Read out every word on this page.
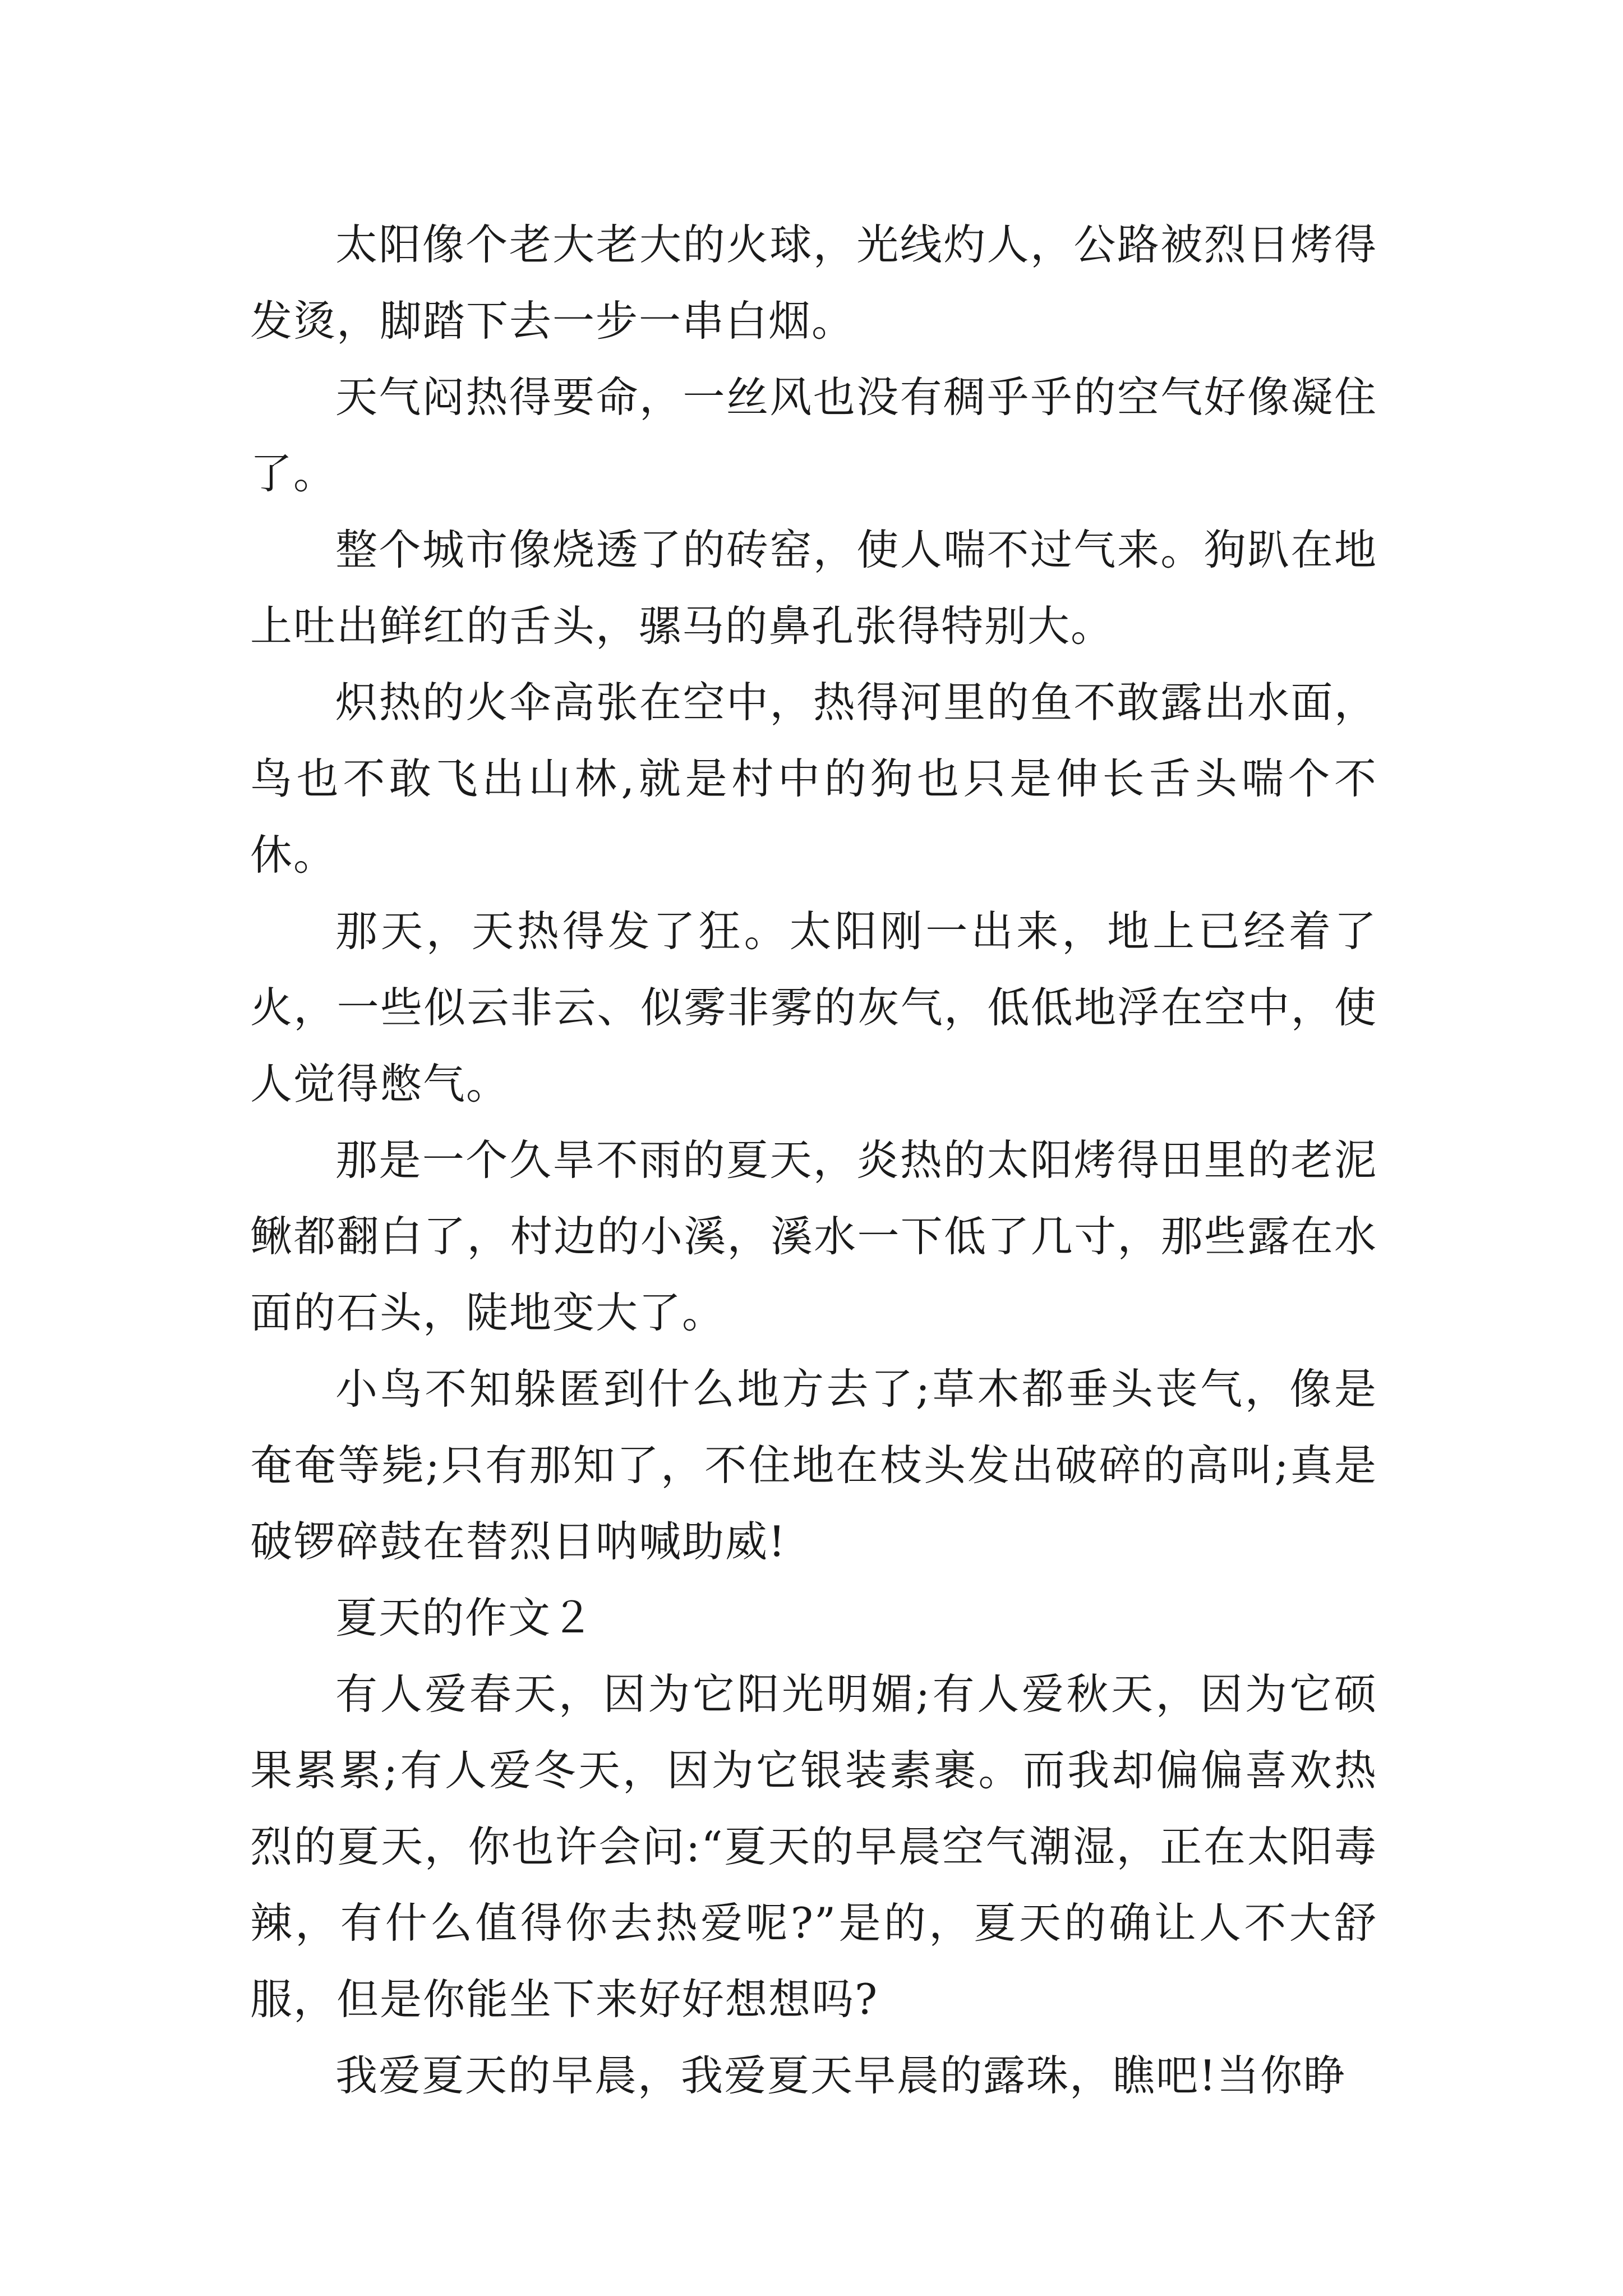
太阳像个老大老大的火球，光线灼人，公路被烈日烤得发烫，脚踏下去一步一串白烟。

天气闷热得要命，一丝风也没有稠乎乎的空气好像凝住了。

整个城市像烧透了的砖窑，使人喘不过气来。狗趴在地上吐出鲜红的舌头，骡马的鼻孔张得特别大。

炽热的火伞高张在空中，热得河里的鱼不敢露出水面，鸟也不敢飞出山林,就是村中的狗也只是伸长舌头喘个不休。

那天，天热得发了狂。太阳刚一出来，地上已经着了火，一些似云非云、似雾非雾的灰气，低低地浮在空中，使人觉得憋气。

那是一个久旱不雨的夏天，炎热的太阳烤得田里的老泥鳅都翻白了，村边的小溪，溪水一下低了几寸，那些露在水面的石头，陡地变大了。

小鸟不知躲匿到什么地方去了;草木都垂头丧气，像是奄奄等毙;只有那知了，不住地在枝头发出破碎的高叫;真是破锣碎鼓在替烈日呐喊助威!

夏天的作文２

有人爱春天，因为它阳光明媚;有人爱秋天，因为它硕果累累;有人爱冬天，因为它银装素裹。而我却偏偏喜欢热烈的夏天，你也许会问:“夏天的早晨空气潮湿，正在太阳毒辣，有什么值得你去热爱呢?”是的，夏天的确让人不大舒服，但是你能坐下来好好想想吗?

我爱夏天的早晨，我爱夏天早晨的露珠，瞧吧!当你睁
